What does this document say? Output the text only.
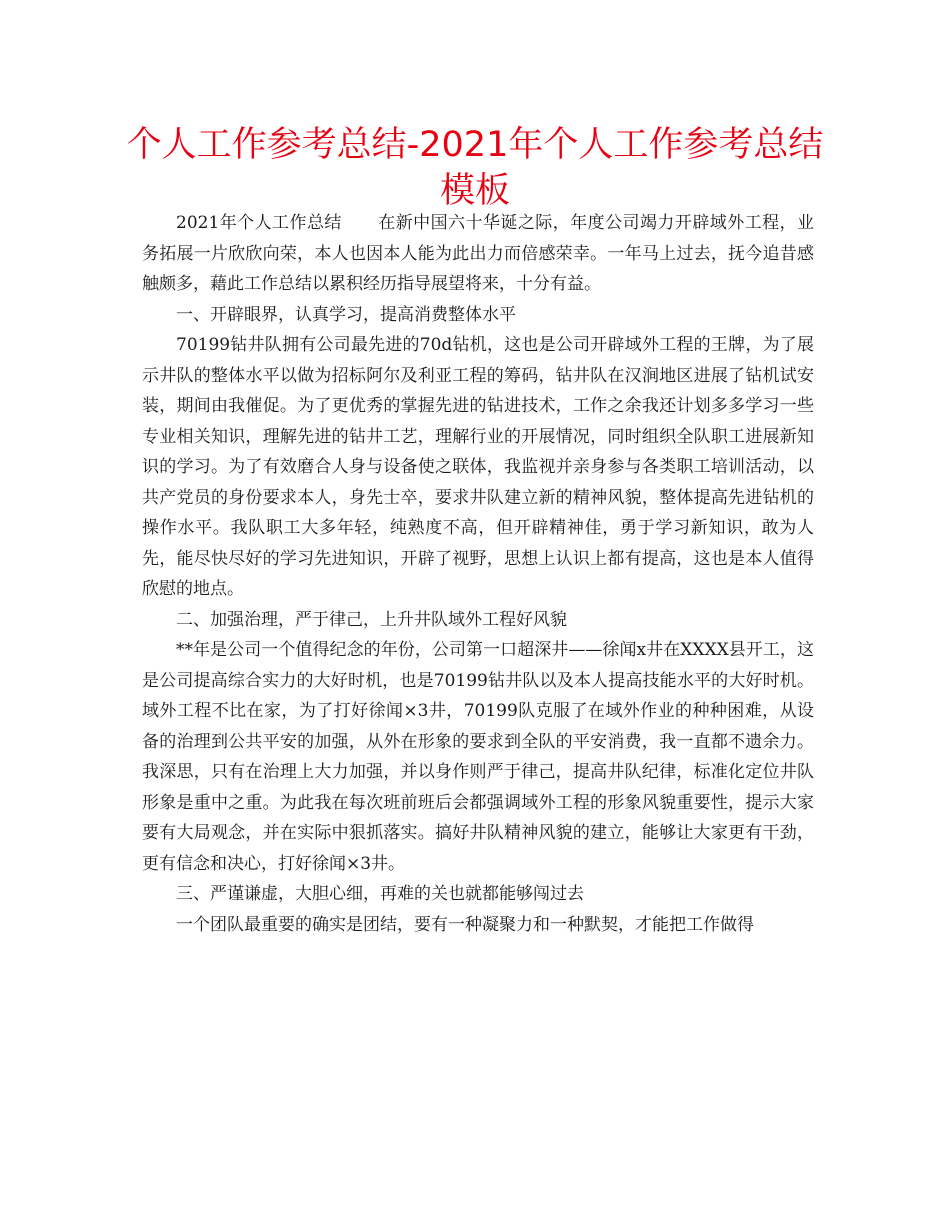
个人工作参考总结-2021年个人工作参考总结模板

2021年个人工作总结 在新中国六十华诞之际，年度公司竭力开辟域外工程，业务拓展一片欣欣向荣，本人也因本人能为此出力而倍感荣幸。一年马上过去，抚今追昔感触颇多，藉此工作总结以累积经历指导展望将来，十分有益。

一、开辟眼界，认真学习，提高消费整体水平

70199钻井队拥有公司最先进的70d钻机，这也是公司开辟域外工程的王牌，为了展示井队的整体水平以做为招标阿尔及利亚工程的筹码，钻井队在汉涧地区进展了钻机试安装，期间由我催促。为了更优秀的掌握先进的钻进技术，工作之余我还计划多多学习一些专业相关知识，理解先进的钻井工艺，理解行业的开展情况，同时组织全队职工进展新知识的学习。为了有效磨合人身与设备使之联体，我监视并亲身参与各类职工培训活动，以共产党员的身份要求本人，身先士卒，要求井队建立新的精神风貌，整体提高先进钻机的操作水平。我队职工大多年轻，纯熟度不高，但开辟精神佳，勇于学习新知识，敢为人先，能尽快尽好的学习先进知识，开辟了视野，思想上认识上都有提高，这也是本人值得欣慰的地点。

二、加强治理，严于律己，上升井队域外工程好风貌

**年是公司一个值得纪念的年份，公司第一口超深井——徐闻x井在XXXX县开工，这是公司提高综合实力的大好时机，也是70199钻井队以及本人提高技能水平的大好时机。域外工程不比在家，为了打好徐闻×3井，70199队克服了在域外作业的种种困难，从设备的治理到公共平安的加强，从外在形象的要求到全队的平安消费，我一直都不遗余力。我深思，只有在治理上大力加强，并以身作则严于律己，提高井队纪律，标准化定位井队形象是重中之重。为此我在每次班前班后会都强调域外工程的形象风貌重要性，提示大家要有大局观念，并在实际中狠抓落实。搞好井队精神风貌的建立，能够让大家更有干劲，更有信念和决心，打好徐闻×3井。

三、严谨谦虚，大胆心细，再难的关也就都能够闯过去

一个团队最重要的确实是团结，要有一种凝聚力和一种默契，才能把工作做得
